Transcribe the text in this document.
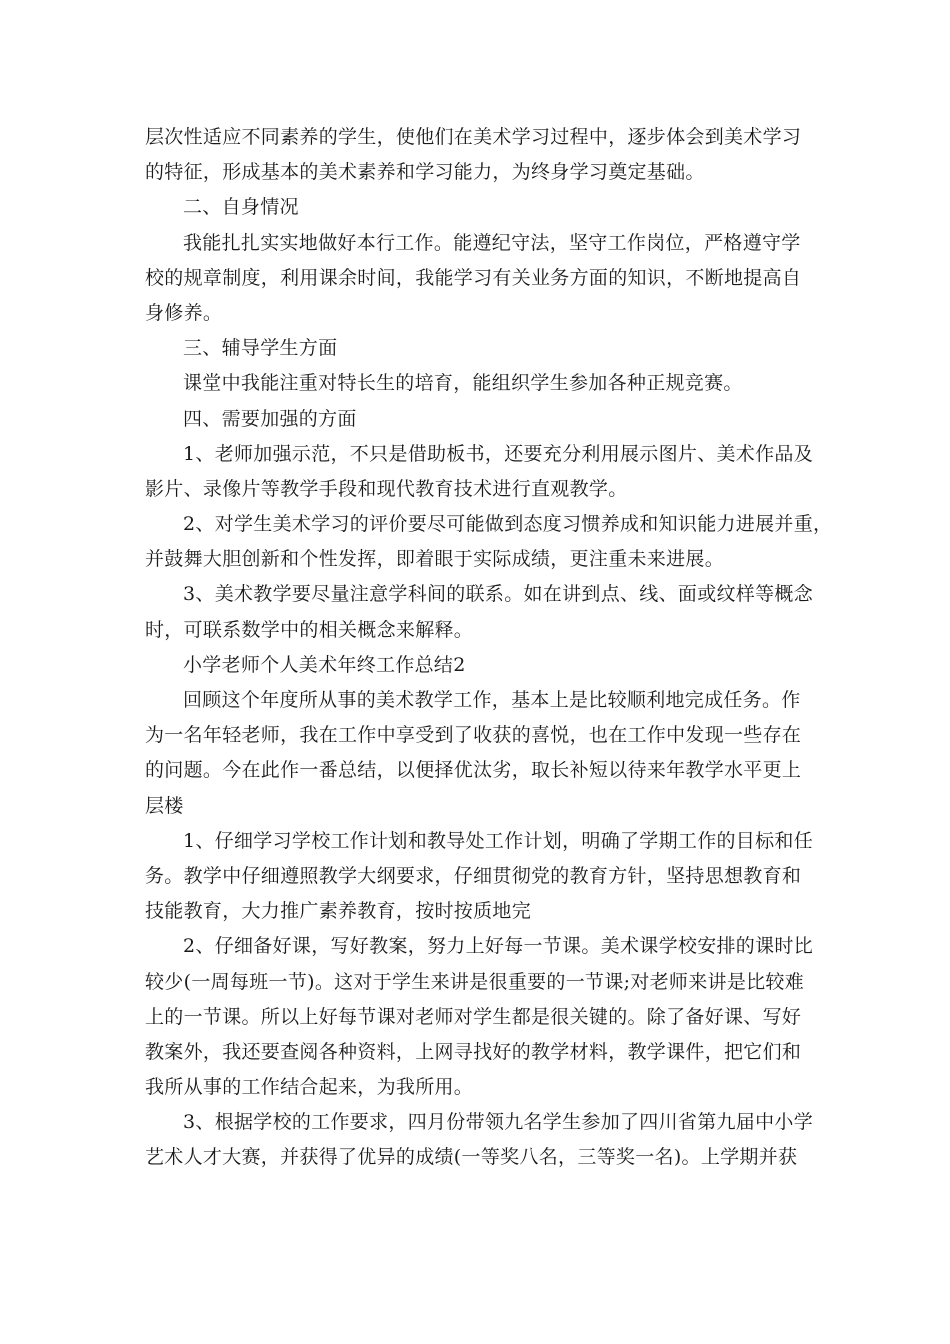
层次性适应不同素养的学生，使他们在美术学习过程中，逐步体会到美术学习
的特征，形成基本的美术素养和学习能力，为终身学习奠定基础。
二、自身情况
我能扎扎实实地做好本行工作。能遵纪守法，坚守工作岗位，严格遵守学
校的规章制度，利用课余时间，我能学习有关业务方面的知识，不断地提高自
身修养。
三、辅导学生方面
课堂中我能注重对特长生的培育，能组织学生参加各种正规竞赛。
四、需要加强的方面
1、老师加强示范，不只是借助板书，还要充分利用展示图片、美术作品及
影片、录像片等教学手段和现代教育技术进行直观教学。
2、对学生美术学习的评价要尽可能做到态度习惯养成和知识能力进展并重，
并鼓舞大胆创新和个性发挥，即着眼于实际成绩，更注重未来进展。
3、美术教学要尽量注意学科间的联系。如在讲到点、线、面或纹样等概念
时，可联系数学中的相关概念来解释。
小学老师个人美术年终工作总结2
回顾这个年度所从事的美术教学工作，基本上是比较顺利地完成任务。作
为一名年轻老师，我在工作中享受到了收获的喜悦，也在工作中发现一些存在
的问题。今在此作一番总结，以便择优汰劣，取长补短以待来年教学水平更上
层楼
1、仔细学习学校工作计划和教导处工作计划，明确了学期工作的目标和任
务。教学中仔细遵照教学大纲要求，仔细贯彻党的教育方针，坚持思想教育和
技能教育，大力推广素养教育，按时按质地完
2、仔细备好课，写好教案，努力上好每一节课。美术课学校安排的课时比
较少(一周每班一节)。这对于学生来讲是很重要的一节课;对老师来讲是比较难
上的一节课。所以上好每节课对老师对学生都是很关键的。除了备好课、写好
教案外，我还要查阅各种资料，上网寻找好的教学材料，教学课件，把它们和
我所从事的工作结合起来，为我所用。
3、根据学校的工作要求，四月份带领九名学生参加了四川省第九届中小学
艺术人才大赛，并获得了优异的成绩(一等奖八名，三等奖一名)。上学期并获
